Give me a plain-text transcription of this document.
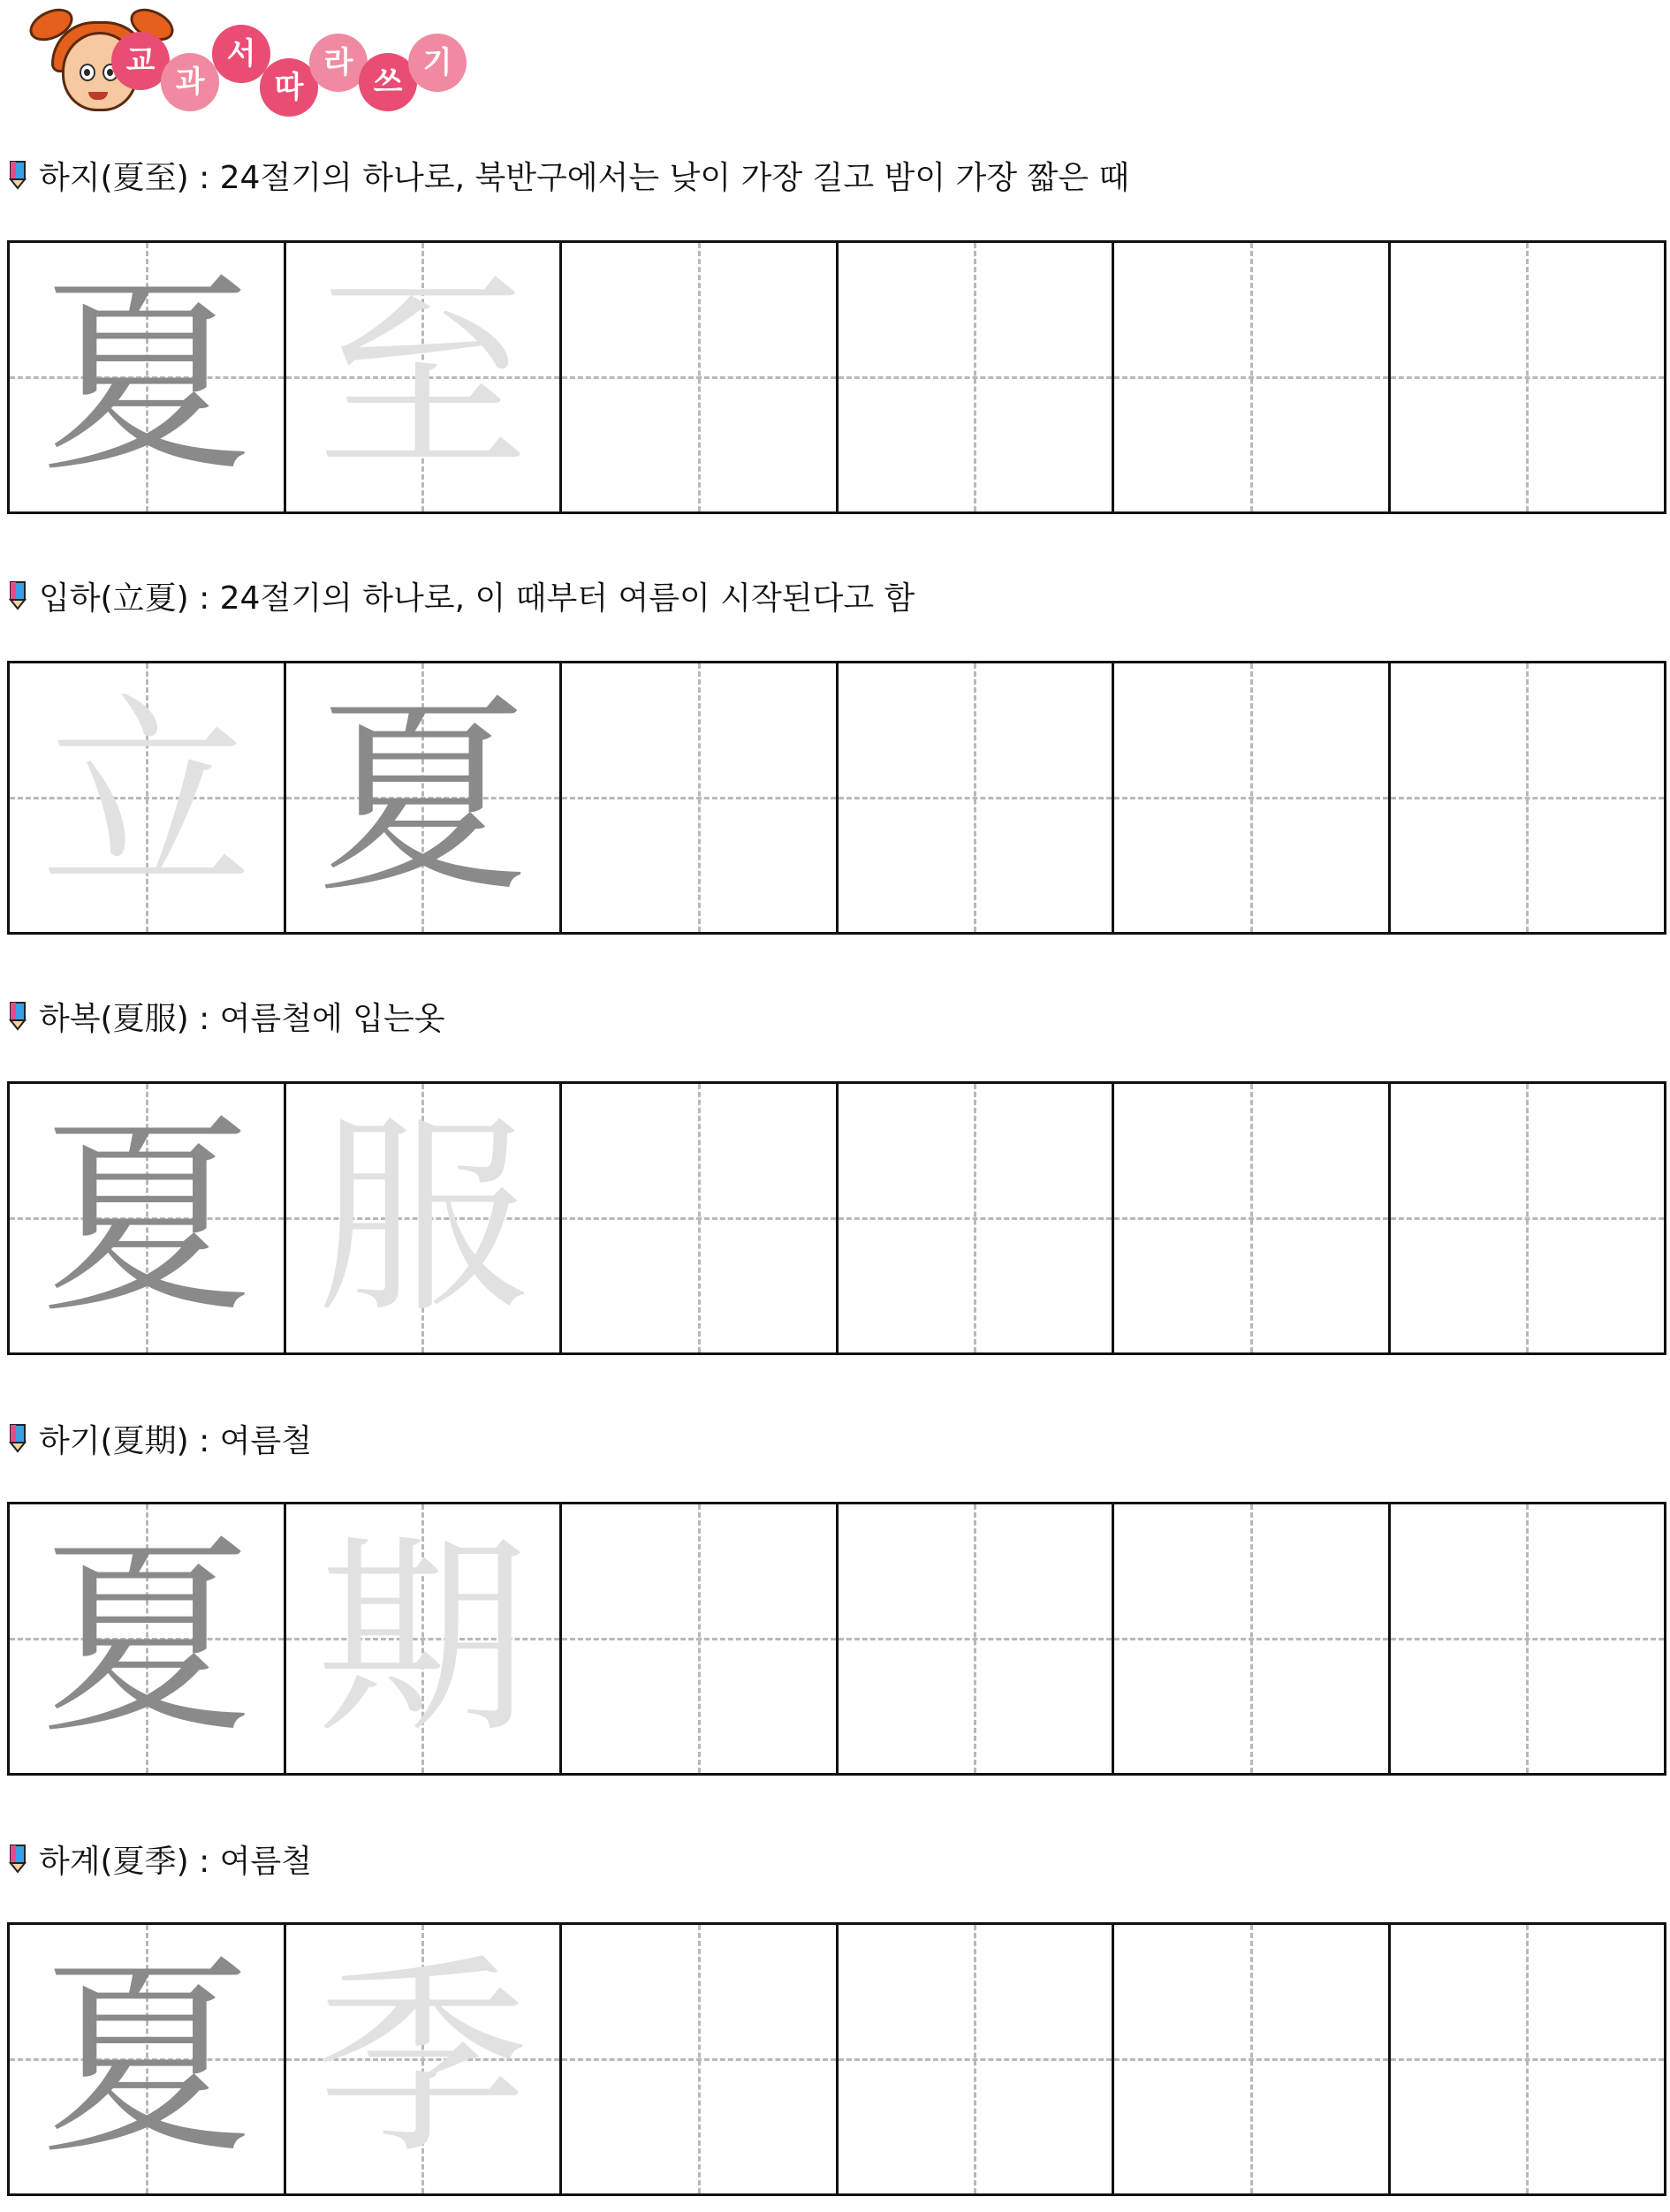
교
과
서
따
라
쓰
기
하지(夏至) : 24절기의 하나로, 북반구에서는 낮이 가장 길고 밤이 가장 짧은 때
夏 至
입하(立夏) : 24절기의 하나로, 이 때부터 여름이 시작된다고 함
立 夏
하복(夏服) : 여름철에 입는옷
夏 服
하기(夏期) : 여름철
夏 期
하계(夏季) : 여름철
夏 季
